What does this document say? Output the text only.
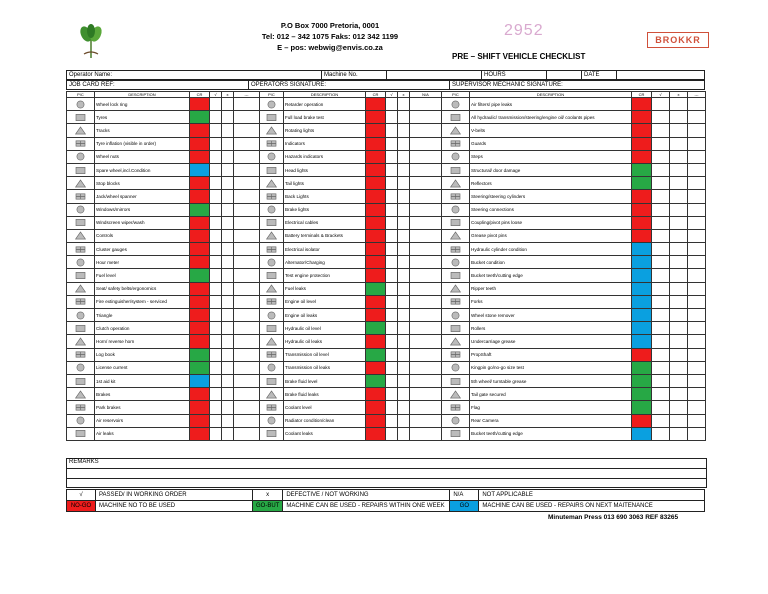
P.O Box 7000 Pretoria, 0001
Tel: 012 – 342 1075 Faks: 012 342 1199
E – pos: webwig@envis.co.za
2952
PRE – SHIFT VEHICLE CHECKLIST
BROKKR
Operator Name:	Machine No.		HOURS		DATE	
JOB CARD REF:	OPERATORS SIGNATURE:	SUPERVISOR MECHANIC SIGNATURE:
P/C	DESCRIPTION	CR	√	x	---
	Wheel lock ring				
	Tyres				
	Tracks				
	Tyre inflation (visible in order)				
	Wheel nuts				
	Spare wheel,incl.Condition				
	Stop blocks				
	Jack/wheel spanner				
	Windows/mirrors				
	Windscreen wiper/wash				
	Controls				
	Cluster gauges				
	Hour meter				
	Fuel level				
	Seat/ safety belts/ergonomics				
	Fire extinguisher/system - serviced				
	Triangle				
	Clutch operation				
	Horn/ reverse horn				
	Log book				
	License current				
	1st aid kit				
	Brakes				
	Park brakes				
	Air reservoirs				
	Air leaks				
P/C	DESCRIPTION	CR	√	x	N/A
	Retarder operation				
	Full load brake test				
	Rotating lights				
	Indicators				
	Hazards indicators				
	Head lights				
	Tail lights				
	Back Lights				
	Brake lights				
	Electrical cables				
	Battery terminals & Brackets				
	Electrical isolator				
	Alternator/Charging				
	Test engine protection				
	Fuel leaks				
	Engine oil level				
	Engine oil leaks				
	Hydraulic oil level				
	Hydraulic oil leaks				
	Transmission oil level				
	Transmission oil leaks				
	Brake fluid level				
	Brake fluid leaks				
	Coolant level				
	Radiator condition/clean				
	Coolant leaks				
P/C	DESCRIPTION	CR	√	x	---
	Air filters/ pipe leaks				
	All hydraulic/ transmission/steering/engine oil/ coolants pipes				
	V-belts				
	Guards				
	Steps				
	Structural/ door damage				
	Reflectors				
	Steering/steering cylinders				
	Steering connections				
	Coupling/pivot pins loose				
	Grease pivot pins				
	Hydraulic cylinder condition				
	Bucket condition				
	Bucket teeth/cutting edge				
	Ripper teeth				
	Forks				
	Wheel stone remover				
	Rollers				
	Undercarriage grease				
	PropShaft				
	Kingpin go/no-go size test				
	5th wheel/ turntable grease				
	Tail gate secured				
	Flag				
	Rear Camera				
	Bucket teeth/cutting edge				
REMARKS
√	PASSED/ IN WORKING ORDER	x	DEFECTIVE / NOT WORKING	N/A	NOT APPLICABLE
NO-GO	MACHINE NO TO BE USED	GO-BUT	MACHINE CAN BE USED - REPAIRS WITHIN ONE WEEK	GO	MACHINE CAN BE USED - REPAIRS ON NEXT MAITENANCE
Minuteman Press 013 690 3063 REF 83265
